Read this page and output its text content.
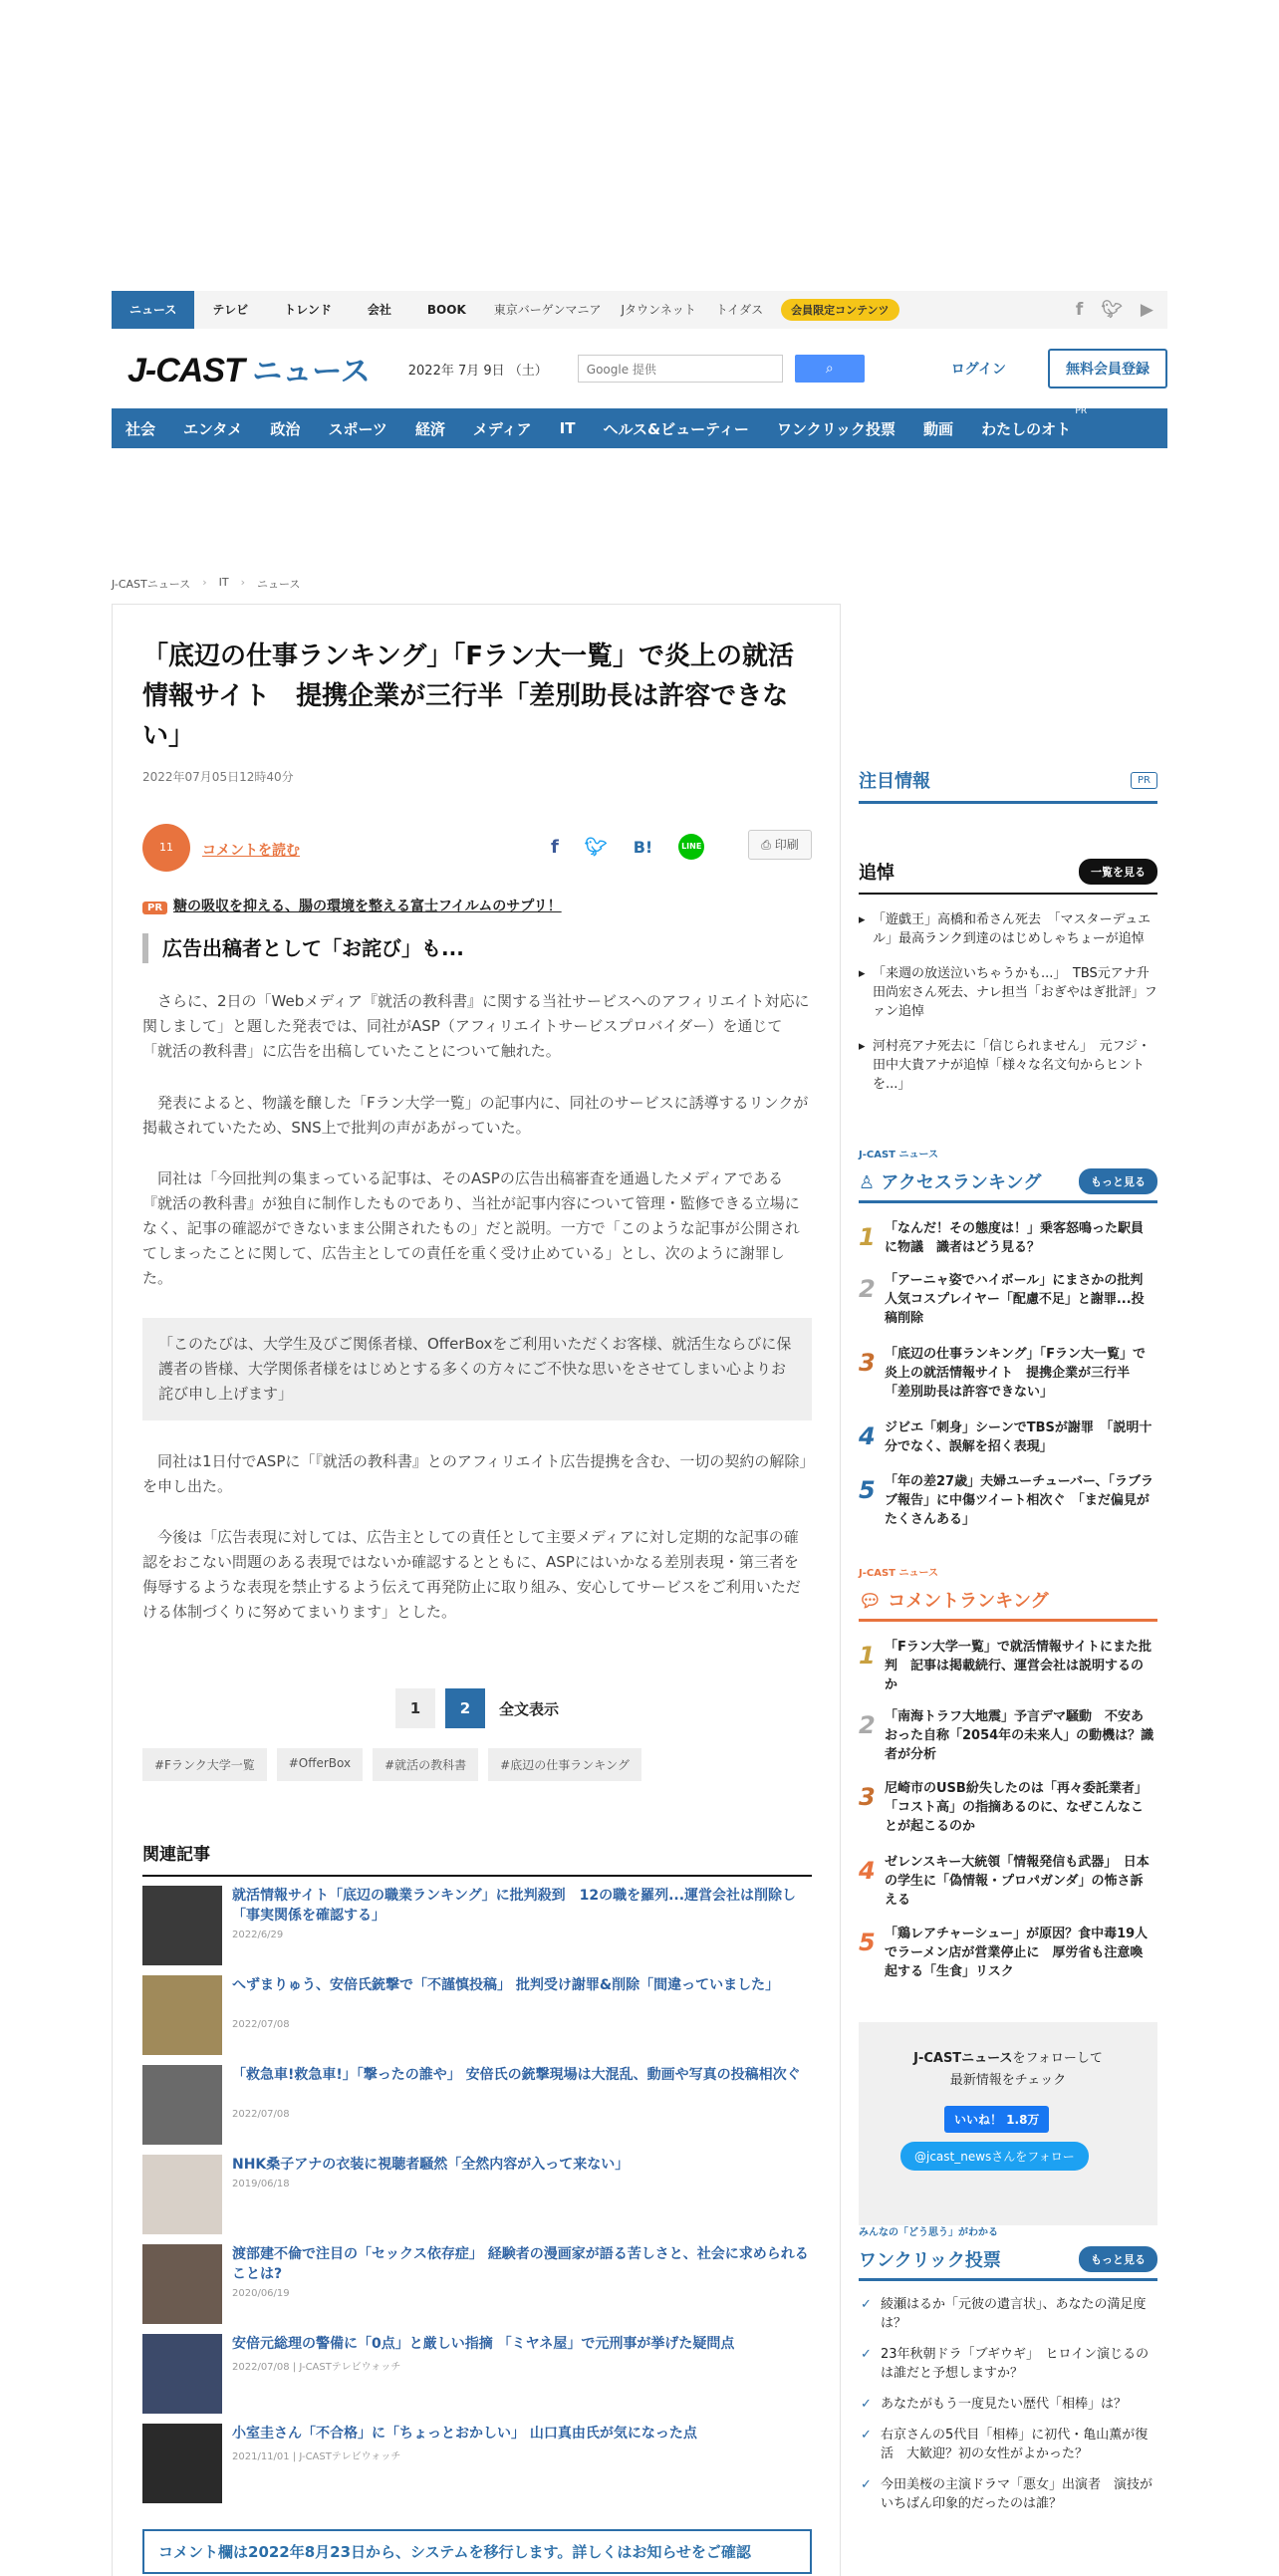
ニュース	テレビ	トレンド	会社	BOOK	東京バーゲンマニア	Jタウンネット	トイダス	会員限定コンテンツ	f 🐦︎ ▶
J-CAST ニュース	2022年 7月 9日 （土）	Google 提供	⌕	ログイン	無料会員登録
社会 エンタメ 政治 スポーツ 経済 メディア IT ヘルス&ビューティー ワンクリック投票 動画 わたしのオト
PR
J-CASTニュース › IT › ニュース
「底辺の仕事ランキング」「Fラン大一覧」で炎上の就活情報サイト　提携企業が三行半「差別助長は許容できない」
2022年07月05日12時40分
11	コメントを読む	f 🐦︎ B!	LINE	⎙ 印刷
PR 糖の吸収を抑える、腸の環境を整える富士フイルムのサプリ！
広告出稿者として「お詫び」も...

さらに、2日の「Webメディア『就活の教科書』に関する当社サービスへのアフィリエイト対応に関しまして」と題した発表では、同社がASP（アフィリエイトサービスプロバイダー）を通じて「就活の教科書」に広告を出稿していたことについて触れた。

発表によると、物議を醸した「Fラン大学一覧」の記事内に、同社のサービスに誘導するリンクが掲載されていたため、SNS上で批判の声があがっていた。

同社は「今回批判の集まっている記事は、そのASPの広告出稿審査を通過したメディアである『就活の教科書』が独自に制作したものであり、当社が記事内容について管理・監修できる立場になく、記事の確認ができないまま公開されたもの」だと説明。一方で「このような記事が公開されてしまったことに関して、広告主としての責任を重く受け止めている」とし、次のように謝罪した。

「このたびは、大学生及びご関係者様、OfferBoxをご利用いただくお客様、就活生ならびに保護者の皆様、大学関係者様をはじめとする多くの方々にご不快な思いをさせてしまい心よりお詫び申し上げます」

同社は1日付でASPに「『就活の教科書』とのアフィリエイト広告提携を含む、一切の契約の解除」を申し出た。

今後は「広告表現に対しては、広告主としての責任として主要メディアに対し定期的な記事の確認をおこない問題のある表現ではないか確認するとともに、ASPにはいかなる差別表現・第三者を侮辱するような表現を禁止するよう伝えて再発防止に取り組み、安心してサービスをご利用いただける体制づくりに努めてまいります」とした。

1	2	全文表示
#Fランク大学一覧	#OfferBox	#就活の教科書	#底辺の仕事ランキング
関連記事
就活情報サイト「底辺の職業ランキング」に批判殺到　12の職を羅列...運営会社は削除し「事実関係を確認する」
2022/6/29
へずまりゅう、安倍氏銃撃で「不謹慎投稿」 批判受け謝罪&削除「間違っていました」
2022/07/08
「救急車!救急車!」「撃ったの誰や」 安倍氏の銃撃現場は大混乱、動画や写真の投稿相次ぐ
2022/07/08
NHK桑子アナの衣装に視聴者騒然「全然内容が入って来ない」
2019/06/18
渡部建不倫で注目の「セックス依存症」 経験者の漫画家が語る苦しさと、社会に求められることは?
2020/06/19
安倍元総理の警備に「0点」と厳しい指摘 「ミヤネ屋」で元刑事が挙げた疑問点
2022/07/08 | J-CASTテレビウォッチ
小室圭さん「不合格」に「ちょっとおかしい」 山口真由氏が気になった点
2021/11/01 | J-CASTテレビウォッチ
コメント欄は2022年8月23日から、システムを移行します。詳しくはお知らせをご確認
注目情報	PR
追悼	一覧を見る
▸ 「遊戯王」高橋和希さん死去　「マスターデュエル」最高ランク到達のはじめしゃちょーが追悼
▸ 「来週の放送泣いちゃうかも...」　TBS元アナ升田尚宏さん死去、ナレ担当「おぎやはぎ批評」ファン追悼
▸ 河村亮アナ死去に「信じられません」　元フジ・田中大貴アナが追悼「様々な名文句からヒントを...」
J-CAST ニュース
♙ アクセスランキング	もっと見る
1 「なんだ！その態度は！」乗客怒鳴った駅員に物議　識者はどう見る？
2 「アーニャ姿でハイボール」にまさかの批判　人気コスプレイヤー「配慮不足」と謝罪...投稿削除
3 「底辺の仕事ランキング」「Fラン大一覧」で炎上の就活情報サイト　提携企業が三行半「差別助長は許容できない」
4 ジビエ「刺身」シーンでTBSが謝罪　「説明十分でなく、誤解を招く表現」
5 「年の差27歳」夫婦ユーチューバー、「ラブラブ報告」に中傷ツイート相次ぐ　「まだ偏見がたくさんある」
J-CAST ニュース
💬︎ コメントランキング
1 「Fラン大学一覧」で就活情報サイトにまた批判　記事は掲載続行、運営会社は説明するのか
2 「南海トラフ大地震」予言デマ騒動　不安あおった自称「2054年の未来人」の動機は？識者が分析
3 尼崎市のUSB紛失したのは「再々委託業者」　「コスト高」の指摘あるのに、なぜこんなことが起こるのか
4 ゼレンスキー大統領「情報発信も武器」　日本の学生に「偽情報・プロパガンダ」の怖さ訴える
5 「鶏レアチャーシュー」が原因？食中毒19人でラーメン店が営業停止に　厚労省も注意喚起する「生食」リスク
J-CASTニュースをフォローして
最新情報をチェック
いいね！ 1.8万
@jcast_newsさんをフォロー
みんなの「どう思う」がわかる
ワンクリック投票	もっと見る
✓ 綾瀬はるか「元彼の遺言状」、あなたの満足度は？
✓ 23年秋朝ドラ「ブギウギ」　ヒロイン演じるのは誰だと予想しますか？
✓ あなたがもう一度見たい歴代「相棒」は？
✓ 右京さんの5代目「相棒」に初代・亀山薫が復活　大歓迎？初の女性がよかった？
✓ 今田美桜の主演ドラマ「悪女」出演者　演技がいちばん印象的だったのは誰？
